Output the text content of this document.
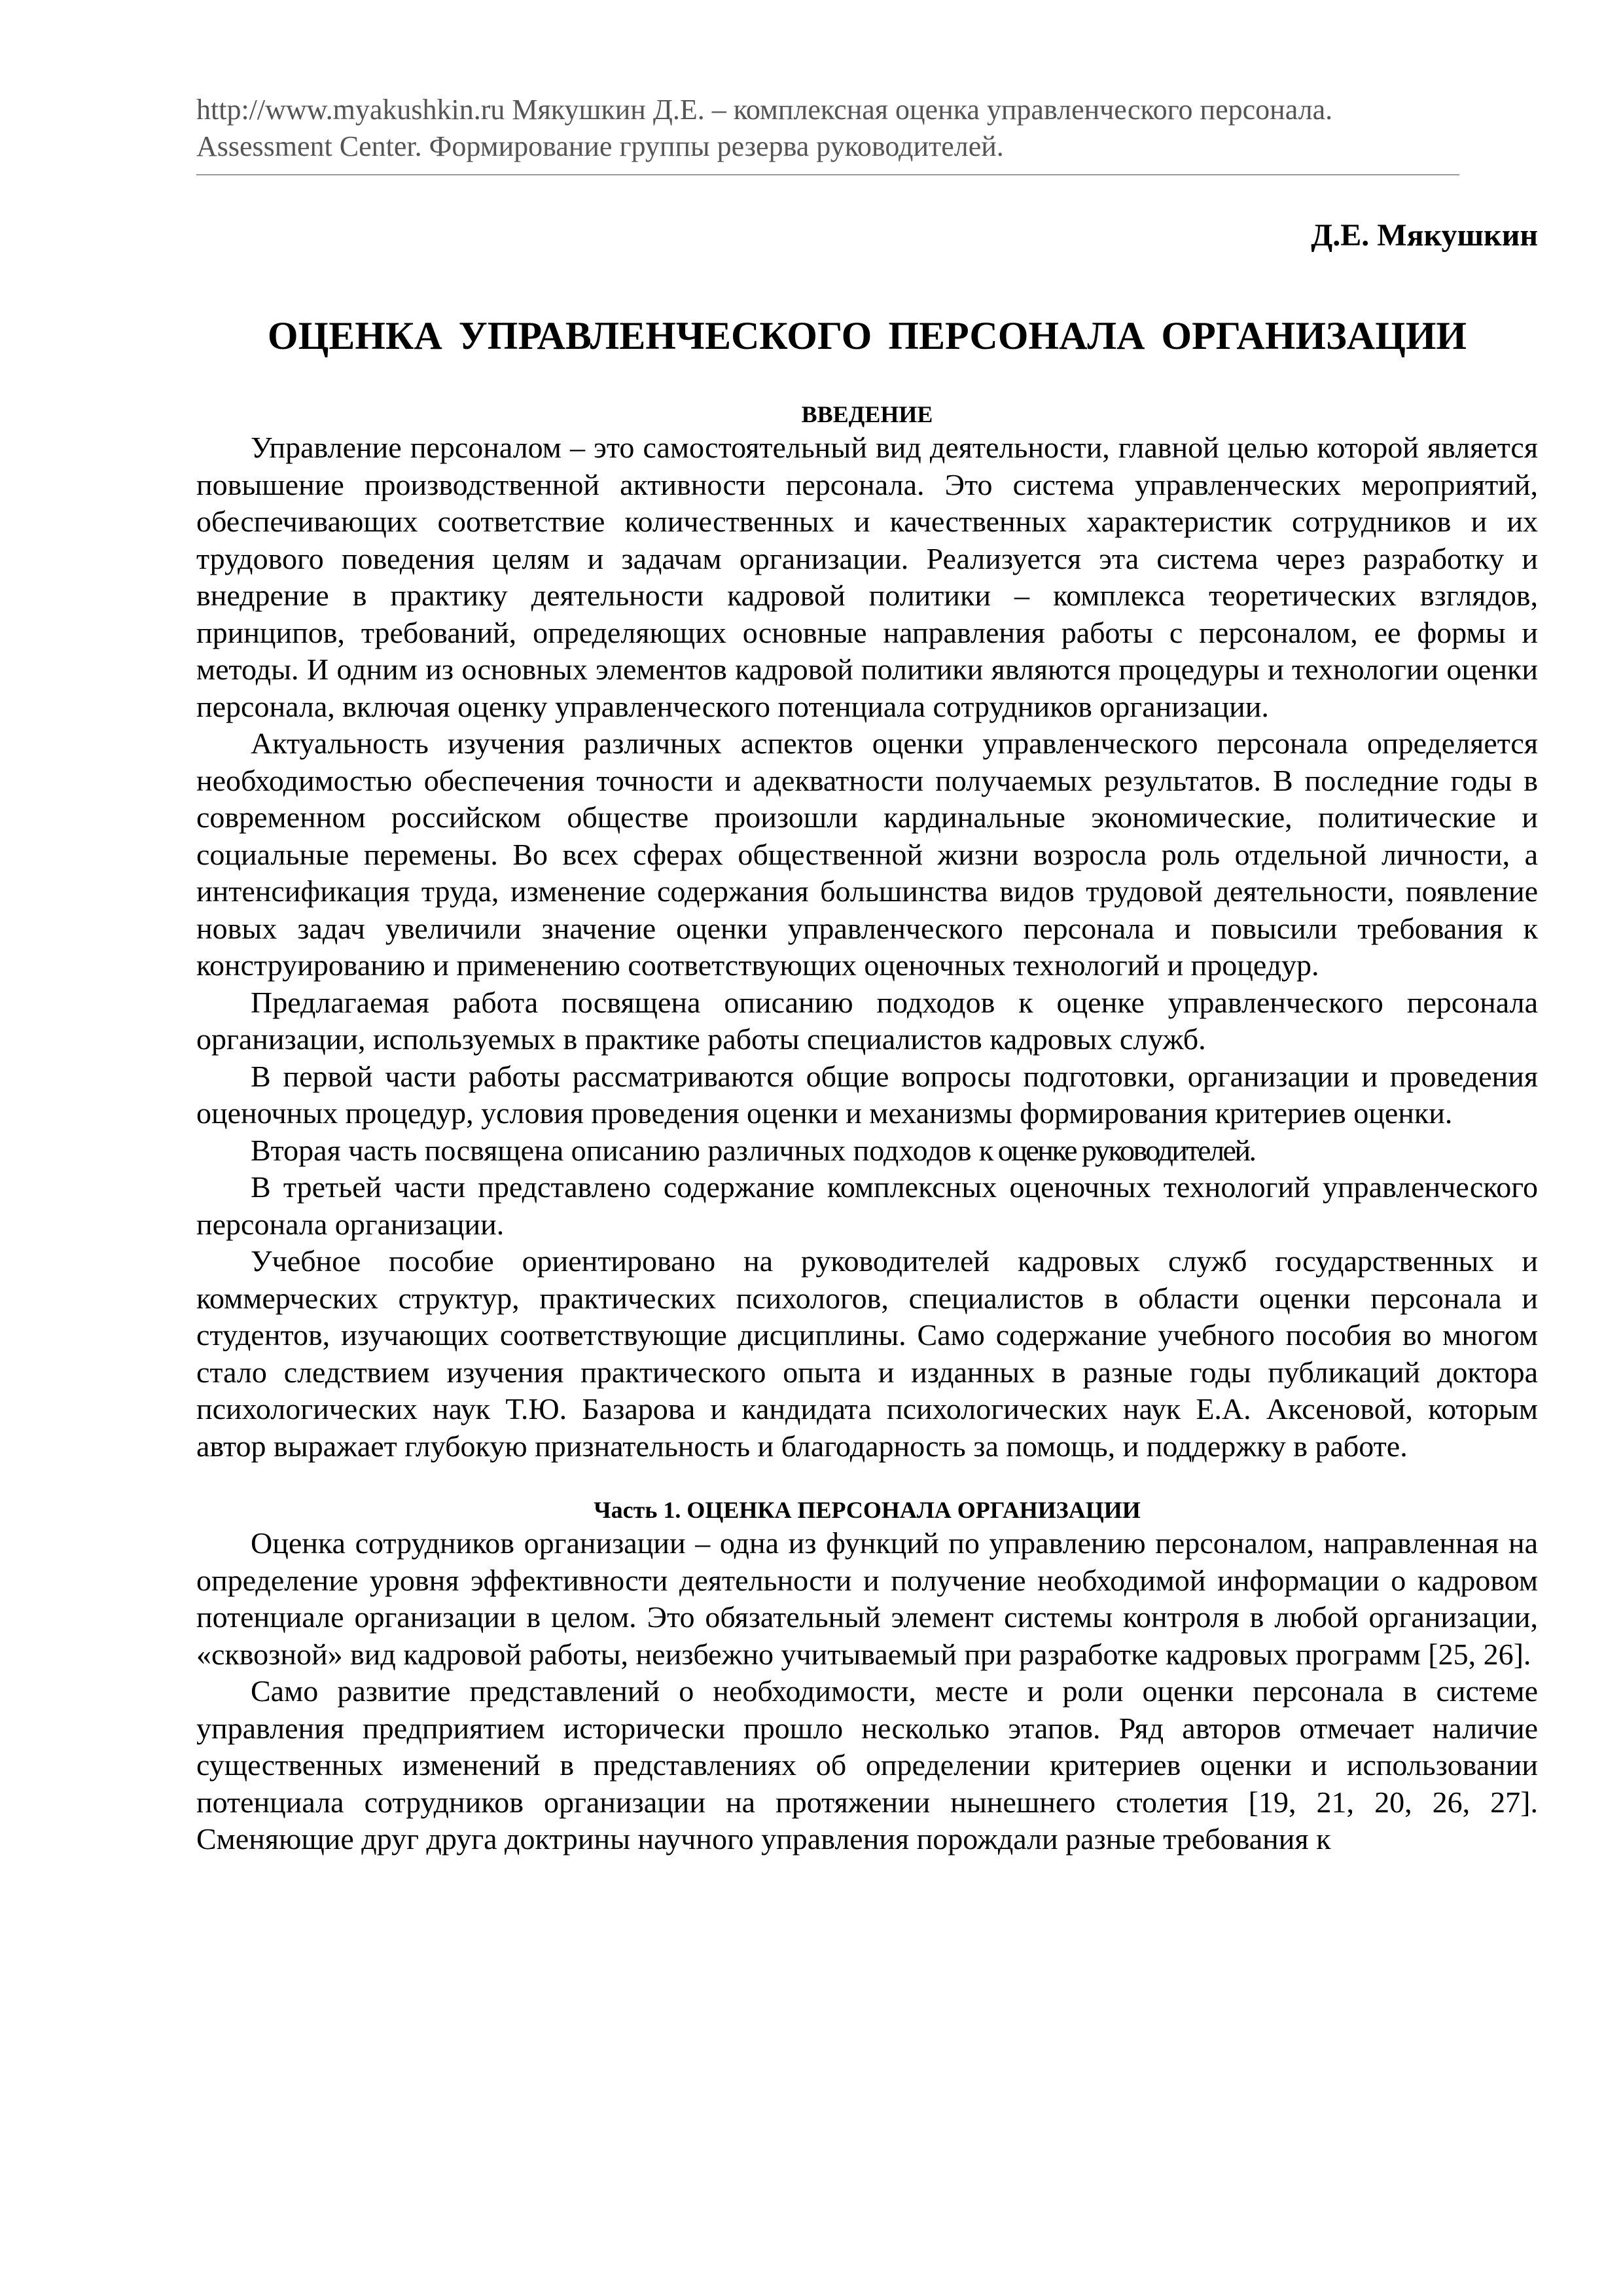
http://www.myakushkin.ru Мякушкин Д.Е. – комплексная оценка управленческого персонала.
Assessment Center. Формирование группы резерва руководителей.
Д.Е. Мякушкин
ОЦЕНКА УПРАВЛЕНЧЕСКОГО ПЕРСОНАЛА ОРГАНИЗАЦИИ
ВВЕДЕНИЕ

Управление персоналом – это самостоятельный вид деятельности, главной целью которой является повышение производственной активности персонала. Это система управленческих мероприятий, обеспечивающих соответствие количественных и качественных характеристик сотрудников и их трудового поведения целям и задачам организации. Реализуется эта система через разработку и внедрение в практику деятельности кадровой политики – комплекса теоретических взглядов, принципов, требований, определяющих основные направления работы с персоналом, ее формы и методы. И одним из основных элементов кадровой политики являются процедуры и технологии оценки персонала, включая оценку управленческого потенциала сотрудников организации.

Актуальность изучения различных аспектов оценки управленческого персонала определяется необходимостью обеспечения точности и адекватности получаемых результатов. В последние годы в современном российском обществе произошли кардинальные экономические, политические и социальные перемены. Во всех сферах общественной жизни возросла роль отдельной личности, а интенсификация труда, изменение содержания большинства видов трудовой деятельности, появление новых задач увеличили значение оценки управленческого персонала и повысили требования к конструированию и применению соответствующих оценочных технологий и процедур.

Предлагаемая работа посвящена описанию подходов к оценке управленческого персонала организации, используемых в практике работы специалистов кадровых служб.

В первой части работы рассматриваются общие вопросы подготовки, организации и проведения оценочных процедур, условия проведения оценки и механизмы формирования критериев оценки.

Вторая часть посвящена описанию различных подходов к оценке руководителей.

В третьей части представлено содержание комплексных оценочных технологий управленческого персонала организации.

Учебное пособие ориентировано на руководителей кадровых служб государственных и коммерческих структур, практических психологов, специалистов в области оценки персонала и студентов, изучающих соответствующие дисциплины. Само содержание учебного пособия во многом стало следствием изучения практического опыта и изданных в разные годы публикаций доктора психологических наук Т.Ю. Базарова и кандидата психологических наук Е.А. Аксеновой, которым автор выражает глубокую признательность и благодарность за помощь, и поддержку в работе.

Часть 1. ОЦЕНКА ПЕРСОНАЛА ОРГАНИЗАЦИИ

Оценка сотрудников организации – одна из функций по управлению персоналом, направленная на определение уровня эффективности деятельности и получение необходимой информации о кадровом потенциале организации в целом. Это обязательный элемент системы контроля в любой организации, «сквозной» вид кадровой работы, неизбежно учитываемый при разработке кадровых программ [25, 26].

Само развитие представлений о необходимости, месте и роли оценки персонала в системе управления предприятием исторически прошло несколько этапов. Ряд авторов отмечает наличие существенных изменений в представлениях об определении критериев оценки и использовании потенциала сотрудников организации на протяжении нынешнего столетия [19, 21, 20, 26, 27]. Сменяющие друг друга доктрины научного управления порождали разные требования к
